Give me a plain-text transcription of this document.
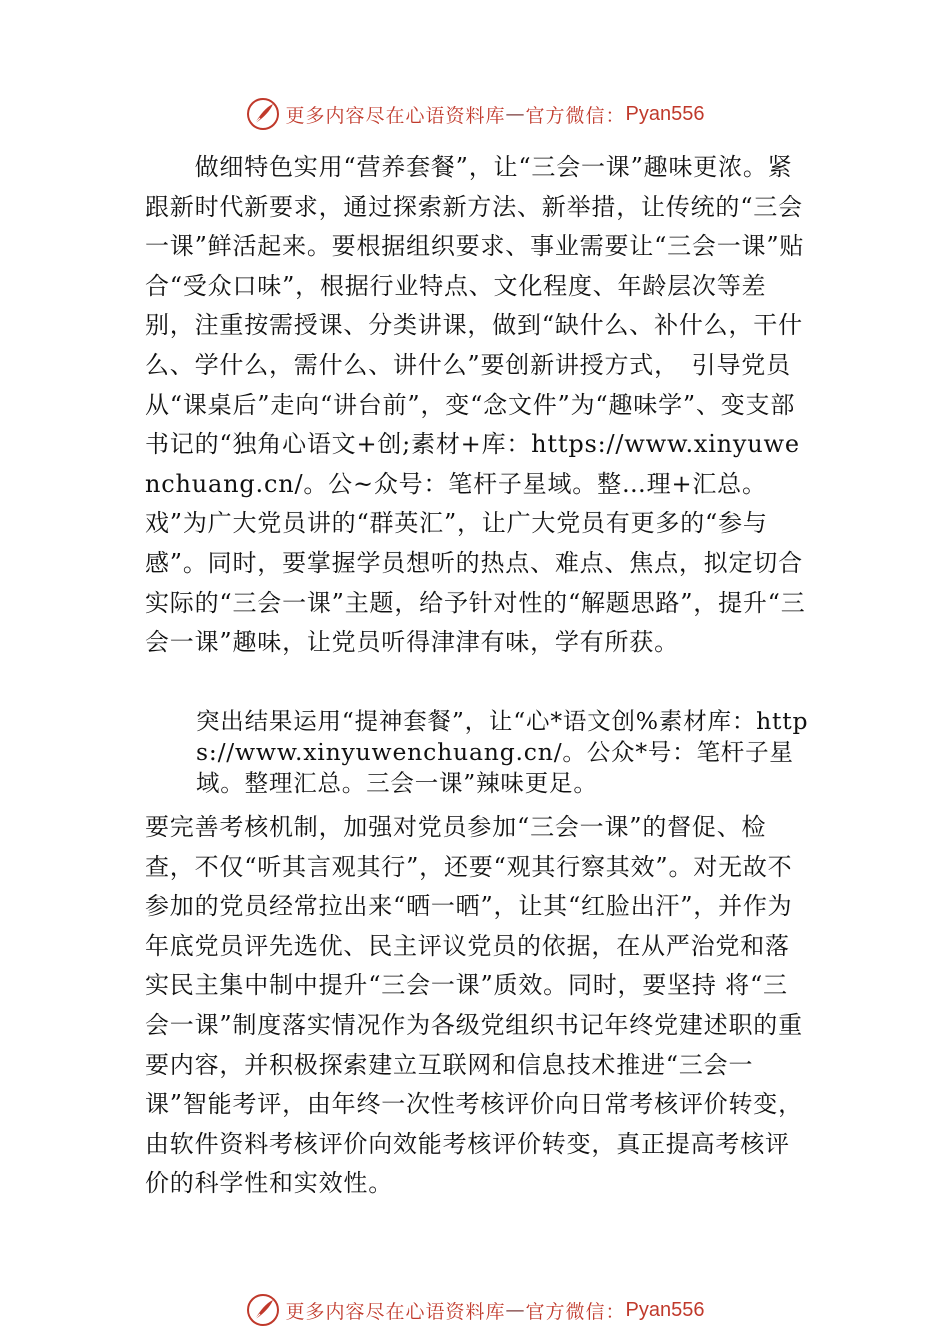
更多内容尽在心语资料库 — 官方微信： Pyan556

　　做细特色实用“营养套餐”，让“三会一课”趣味更浓。紧跟新时代新要求，通过探索新方法、新举措，让传统的“三会一课”鲜活起来。要根据组织要求、事业需要让“三会一课”贴合“受众口味”，根据行业特点、文化程度、年龄层次等差别，注重按需授课、分类讲课，做到“缺什么、补什么，干什么、学什么，需什么、讲什么”要创新讲授方式，　引导党员从“课桌后”走向“讲台前”，变“念文件”为“趣味学”、变支部书记的“独角心语文+创;素材+库：https://www.xinyuwenchuang.cn/。公~众号：笔杆子星域。整…理+汇总。戏”为广大党员讲的“群英汇”，让广大党员有更多的“参与感”。同时，要掌握学员想听的热点、难点、焦点，拟定切合实际的“三会一课”主题，给予针对性的“解题思路”，提升“三会一课”趣味，让党员听得津津有味，学有所获。

突出结果运用“提神套餐”，让“心*语文创%素材库：https://www.xinyuwenchuang.cn/。公众*号：笔杆子星域。整理汇总。三会一课”辣味更足。

要完善考核机制，加强对党员参加“三会一课”的督促、检查，不仅“听其言观其行”，还要“观其行察其效”。对无故不参加的党员经常拉出来“晒一晒”，让其“红脸出汗”，并作为年底党员评先选优、民主评议党员的依据，在从严治党和落实民主集中制中提升“三会一课”质效。同时，要坚持 将“三会一课”制度落实情况作为各级党组织书记年终党建述职的重要内容，并积极探索建立互联网和信息技术推进“三会一课”智能考评，由年终一次性考核评价向日常考核评价转变，由软件资料考核评价向效能考核评价转变，真正提高考核评价的科学性和实效性。

更多内容尽在心语资料库 — 官方微信： Pyan556
